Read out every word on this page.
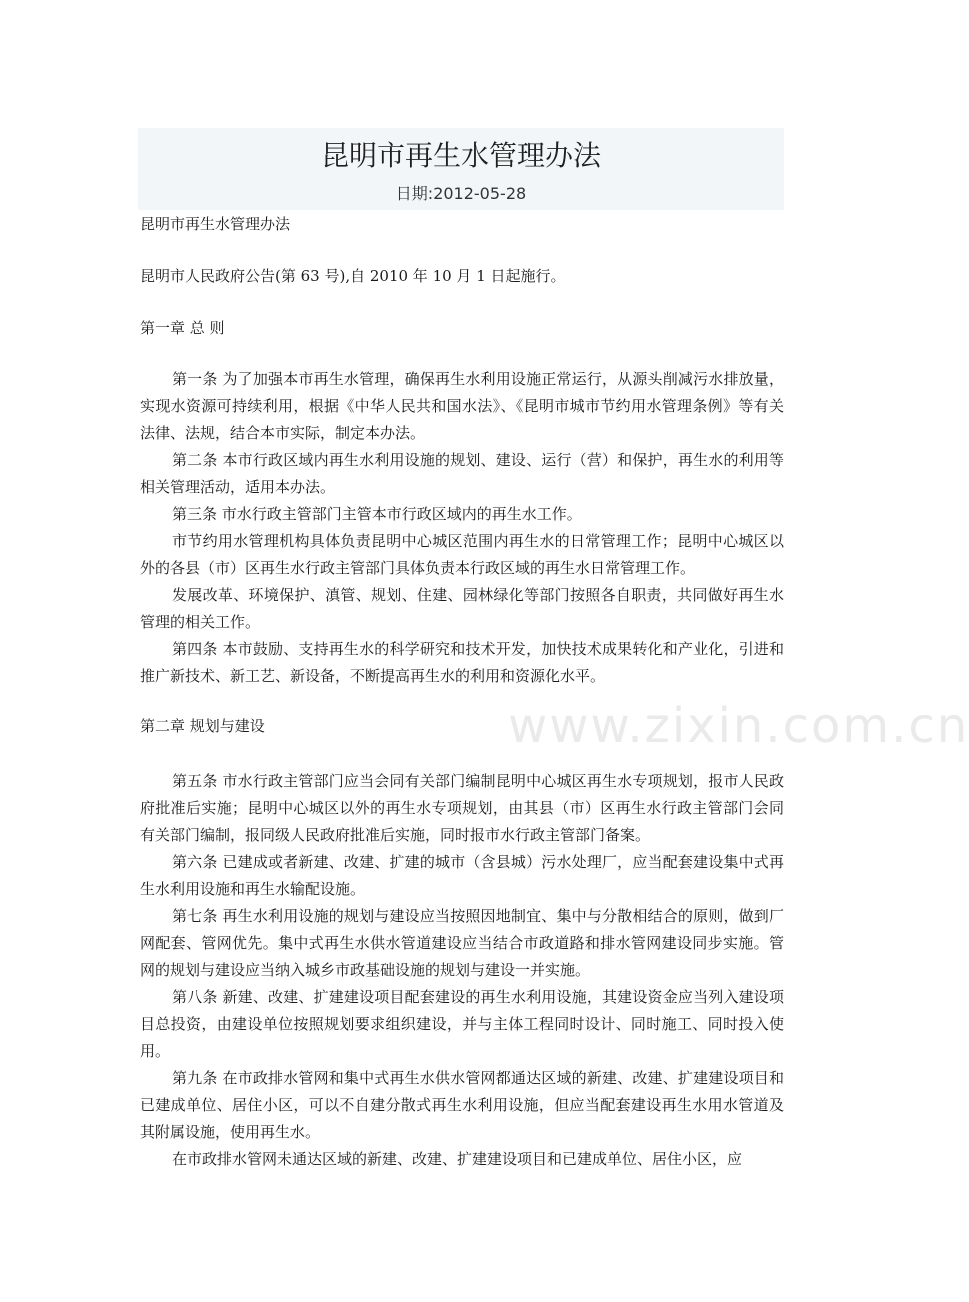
昆明市再生水管理办法
日期:2012-05-28

昆明市再生水管理办法

昆明市人民政府公告(第 63 号),自 2010 年 10 月 1 日起施行。

第一章 总 则

第一条 为了加强本市再生水管理，确保再生水利用设施正常运行，从源头削减污水排放量，实现水资源可持续利用，根据《中华人民共和国水法》、《昆明市城市节约用水管理条例》等有关法律、法规，结合本市实际，制定本办法。

第二条 本市行政区域内再生水利用设施的规划、建设、运行（营）和保护，再生水的利用等相关管理活动，适用本办法。

第三条 市水行政主管部门主管本市行政区域内的再生水工作。

市节约用水管理机构具体负责昆明中心城区范围内再生水的日常管理工作；昆明中心城区以外的各县（市）区再生水行政主管部门具体负责本行政区域的再生水日常管理工作。

发展改革、环境保护、滇管、规划、住建、园林绿化等部门按照各自职责，共同做好再生水管理的相关工作。

第四条 本市鼓励、支持再生水的科学研究和技术开发，加快技术成果转化和产业化，引进和推广新技术、新工艺、新设备，不断提高再生水的利用和资源化水平。

第二章 规划与建设

第五条 市水行政主管部门应当会同有关部门编制昆明中心城区再生水专项规划，报市人民政府批准后实施；昆明中心城区以外的再生水专项规划，由其县（市）区再生水行政主管部门会同有关部门编制，报同级人民政府批准后实施，同时报市水行政主管部门备案。

第六条 已建成或者新建、改建、扩建的城市（含县城）污水处理厂，应当配套建设集中式再生水利用设施和再生水输配设施。

第七条 再生水利用设施的规划与建设应当按照因地制宜、集中与分散相结合的原则，做到厂网配套、管网优先。集中式再生水供水管道建设应当结合市政道路和排水管网建设同步实施。管网的规划与建设应当纳入城乡市政基础设施的规划与建设一并实施。

第八条 新建、改建、扩建建设项目配套建设的再生水利用设施，其建设资金应当列入建设项目总投资，由建设单位按照规划要求组织建设，并与主体工程同时设计、同时施工、同时投入使用。

第九条 在市政排水管网和集中式再生水供水管网都通达区域的新建、改建、扩建建设项目和已建成单位、居住小区，可以不自建分散式再生水利用设施，但应当配套建设再生水用水管道及其附属设施，使用再生水。

在市政排水管网未通达区域的新建、改建、扩建建设项目和已建成单位、居住小区，应

www.zixin.com.cn
